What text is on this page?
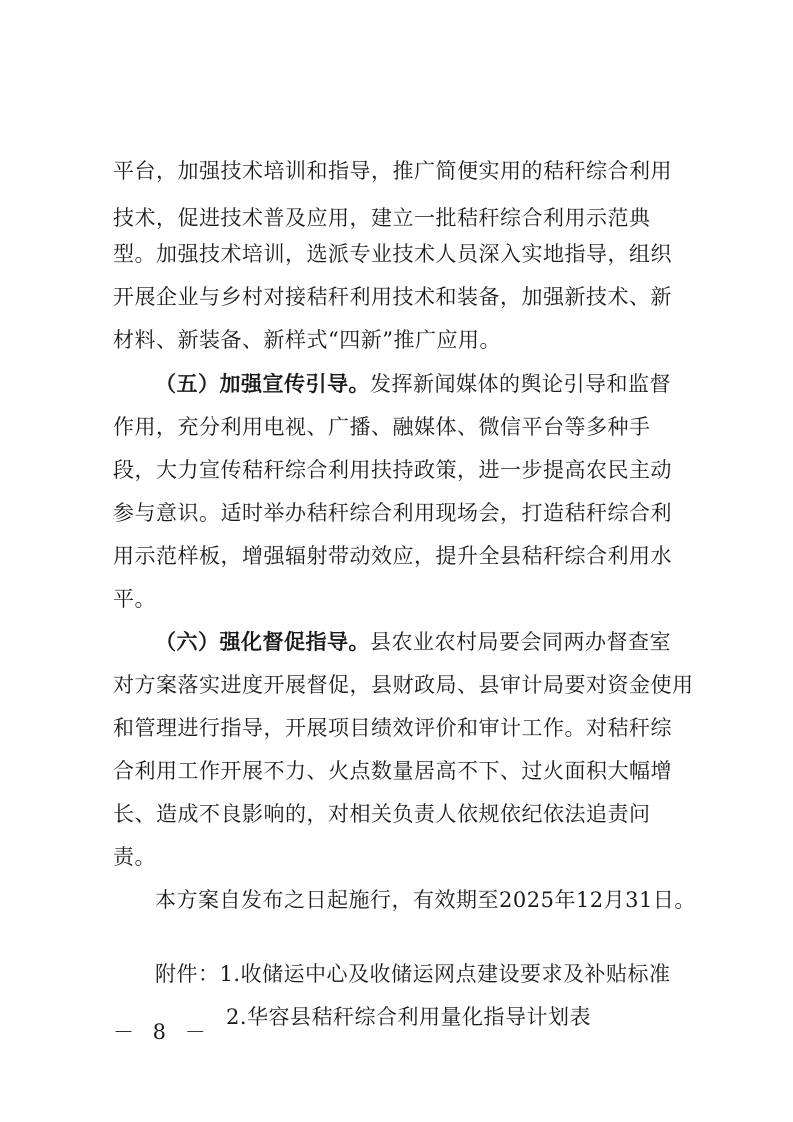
平台，加强技术培训和指导，推广简便实用的秸秆综合利用
技术，促进技术普及应用，建立一批秸秆综合利用示范典
型。加强技术培训，选派专业技术人员深入实地指导，组织
开展企业与乡村对接秸秆利用技术和装备，加强新技术、新
材料、新装备、新样式“四新”推广应用。
（五）加强宣传引导。发挥新闻媒体的舆论引导和监督
作用，充分利用电视、广播、融媒体、微信平台等多种手
段，大力宣传秸秆综合利用扶持政策，进一步提高农民主动
参与意识。适时举办秸秆综合利用现场会，打造秸秆综合利
用示范样板，增强辐射带动效应，提升全县秸秆综合利用水
平。
（六）强化督促指导。县农业农村局要会同两办督查室
对方案落实进度开展督促，县财政局、县审计局要对资金使用
和管理进行指导，开展项目绩效评价和审计工作。对秸秆综
合利用工作开展不力、火点数量居高不下、过火面积大幅增
长、造成不良影响的，对相关负责人依规依纪依法追责问
责。
本方案自发布之日起施行，有效期至2025年12月31日。
附件：1.收储运中心及收储运网点建设要求及补贴标准
2.华容县秸秆综合利用量化指导计划表
－ 8 －
